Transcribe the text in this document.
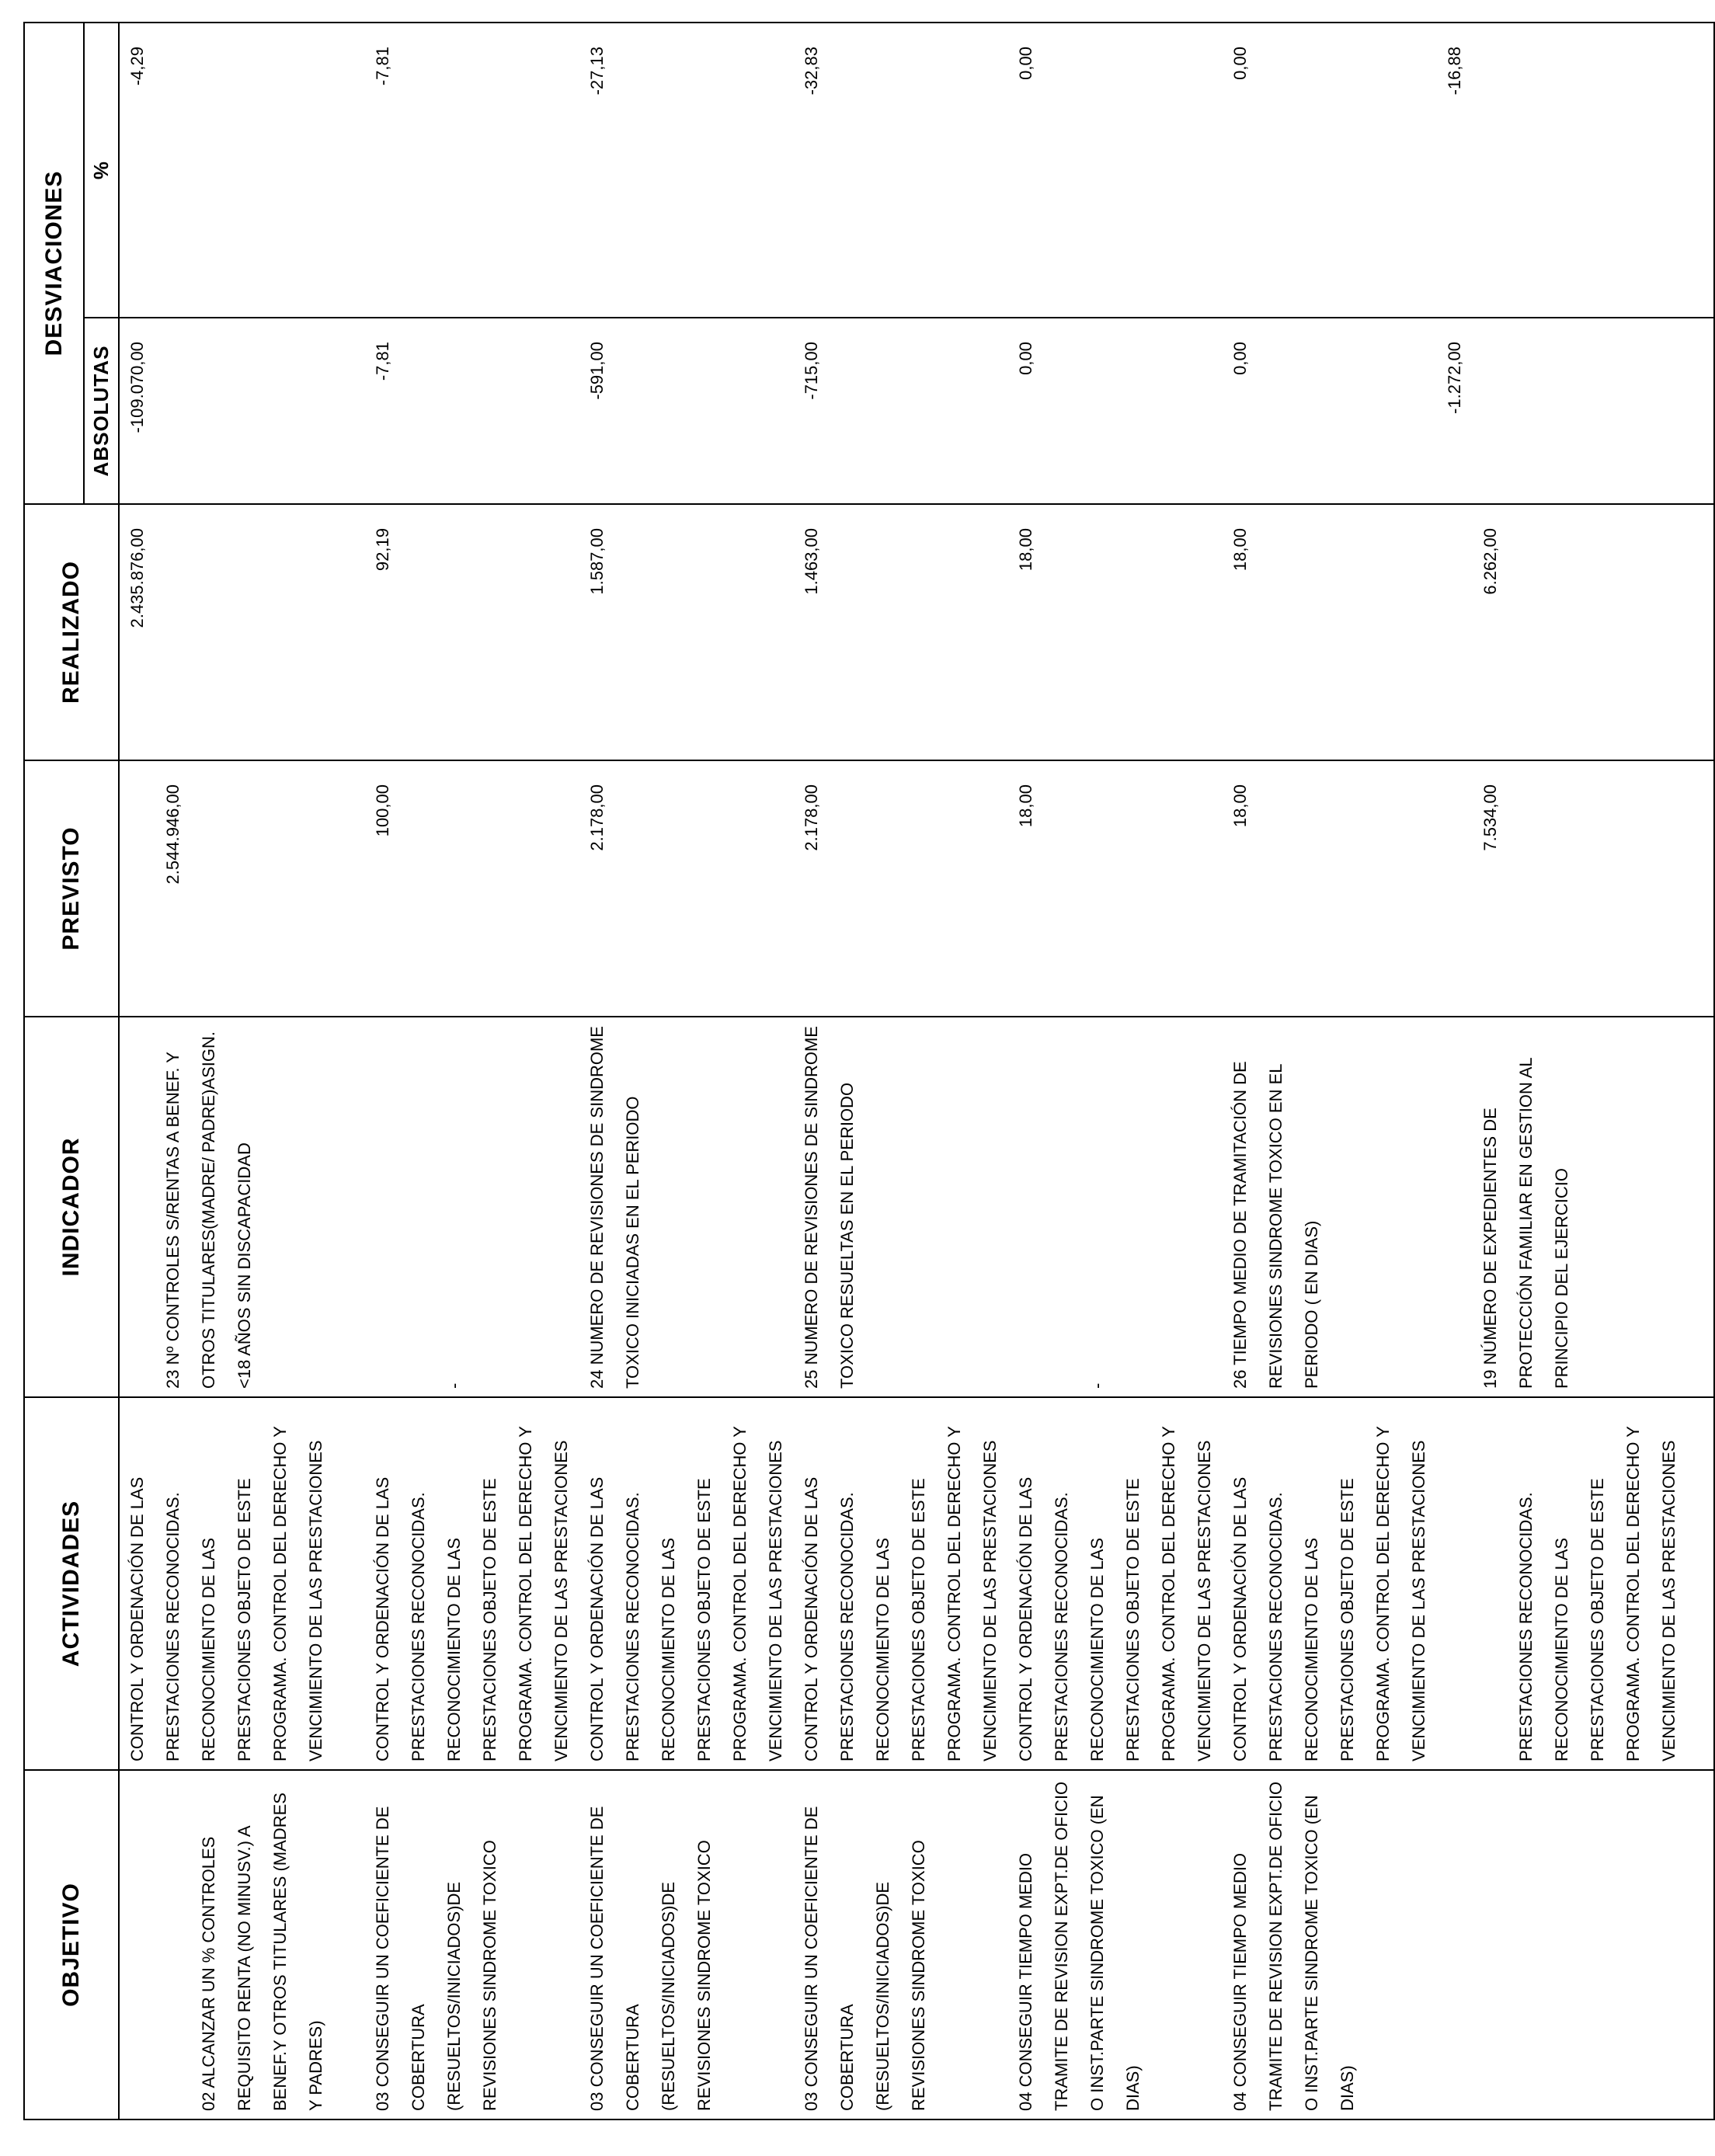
OBJETIVO	ACTIVIDADES	INDICADOR	PREVISTO	REALIZADO	DESVIACIONES	
					ABSOLUTAS	%

02 ALCANZAR UN % CONTROLES REQUISITO RENTA (NO MINUSV.) A BENEF.Y OTROS TITULARES (MADRES Y PADRES)	CONTROL Y ORDENACIÓN DE LAS PRESTACIONES RECONOCIDAS. RECONOCIMIENTO DE LAS PRESTACIONES OBJETO DE ESTE PROGRAMA. CONTROL DEL DERECHO Y VENCIMIENTO DE LAS PRESTACIONES	23 Nº CONTROLES S/RENTAS A BENEF. Y OTROS TITULARES(MADRE/ PADRE)ASIGN.<18 AÑOS SIN DISCAPACIDAD	2.544.946,00	2.435.876,00	-109.070,00	-4,29

03 CONSEGUIR UN COEFICIENTE DE COBERTURA (RESUELTOS/INICIADOS)DE REVISIONES SINDROME TOXICO	CONTROL Y ORDENACIÓN DE LAS PRESTACIONES RECONOCIDAS. RECONOCIMIENTO DE LAS PRESTACIONES OBJETO DE ESTE PROGRAMA. CONTROL DEL DERECHO Y VENCIMIENTO DE LAS PRESTACIONES	-	100,00	92,19	-7,81	-7,81

03 CONSEGUIR UN COEFICIENTE DE COBERTURA (RESUELTOS/INICIADOS)DE REVISIONES SINDROME TOXICO	CONTROL Y ORDENACIÓN DE LAS PRESTACIONES RECONOCIDAS. RECONOCIMIENTO DE LAS PRESTACIONES OBJETO DE ESTE PROGRAMA. CONTROL DEL DERECHO Y VENCIMIENTO DE LAS PRESTACIONES	24 NUMERO DE REVISIONES DE SINDROME TOXICO INICIADAS EN EL PERIODO	2.178,00	1.587,00	-591,00	-27,13

03 CONSEGUIR UN COEFICIENTE DE COBERTURA (RESUELTOS/INICIADOS)DE REVISIONES SINDROME TOXICO	CONTROL Y ORDENACIÓN DE LAS PRESTACIONES RECONOCIDAS. RECONOCIMIENTO DE LAS PRESTACIONES OBJETO DE ESTE PROGRAMA. CONTROL DEL DERECHO Y VENCIMIENTO DE LAS PRESTACIONES	25 NUMERO DE REVISIONES DE SINDROME TOXICO RESUELTAS EN EL PERIODO	2.178,00	1.463,00	-715,00	-32,83

04 CONSEGUIR TIEMPO MEDIO TRAMITE DE REVISION EXPT.DE OFICIO O INST.PARTE SINDROME TOXICO (EN DIAS)	CONTROL Y ORDENACIÓN DE LAS PRESTACIONES RECONOCIDAS. RECONOCIMIENTO DE LAS PRESTACIONES OBJETO DE ESTE PROGRAMA. CONTROL DEL DERECHO Y VENCIMIENTO DE LAS PRESTACIONES	-	18,00	18,00	0,00	0,00

04 CONSEGUIR TIEMPO MEDIO TRAMITE DE REVISION EXPT.DE OFICIO O INST.PARTE SINDROME TOXICO (EN DIAS)	CONTROL Y ORDENACIÓN DE LAS PRESTACIONES RECONOCIDAS. RECONOCIMIENTO DE LAS PRESTACIONES OBJETO DE ESTE PROGRAMA. CONTROL DEL DERECHO Y VENCIMIENTO DE LAS PRESTACIONES	26 TIEMPO MEDIO DE TRAMITACIÓN DE REVISIONES SINDROME TOXICO EN EL PERIODO ( EN DIAS)	18,00	18,00	0,00	0,00

	PRESTACIONES RECONOCIDAS. RECONOCIMIENTO DE LAS PRESTACIONES OBJETO DE ESTE PROGRAMA. CONTROL DEL DERECHO Y VENCIMIENTO DE LAS PRESTACIONES	19 NÚMERO DE EXPEDIENTES DE PROTECCIÓN FAMILIAR EN GESTION AL PRINCIPIO DEL EJERCICIO	7.534,00	6.262,00	-1.272,00	-16,88
